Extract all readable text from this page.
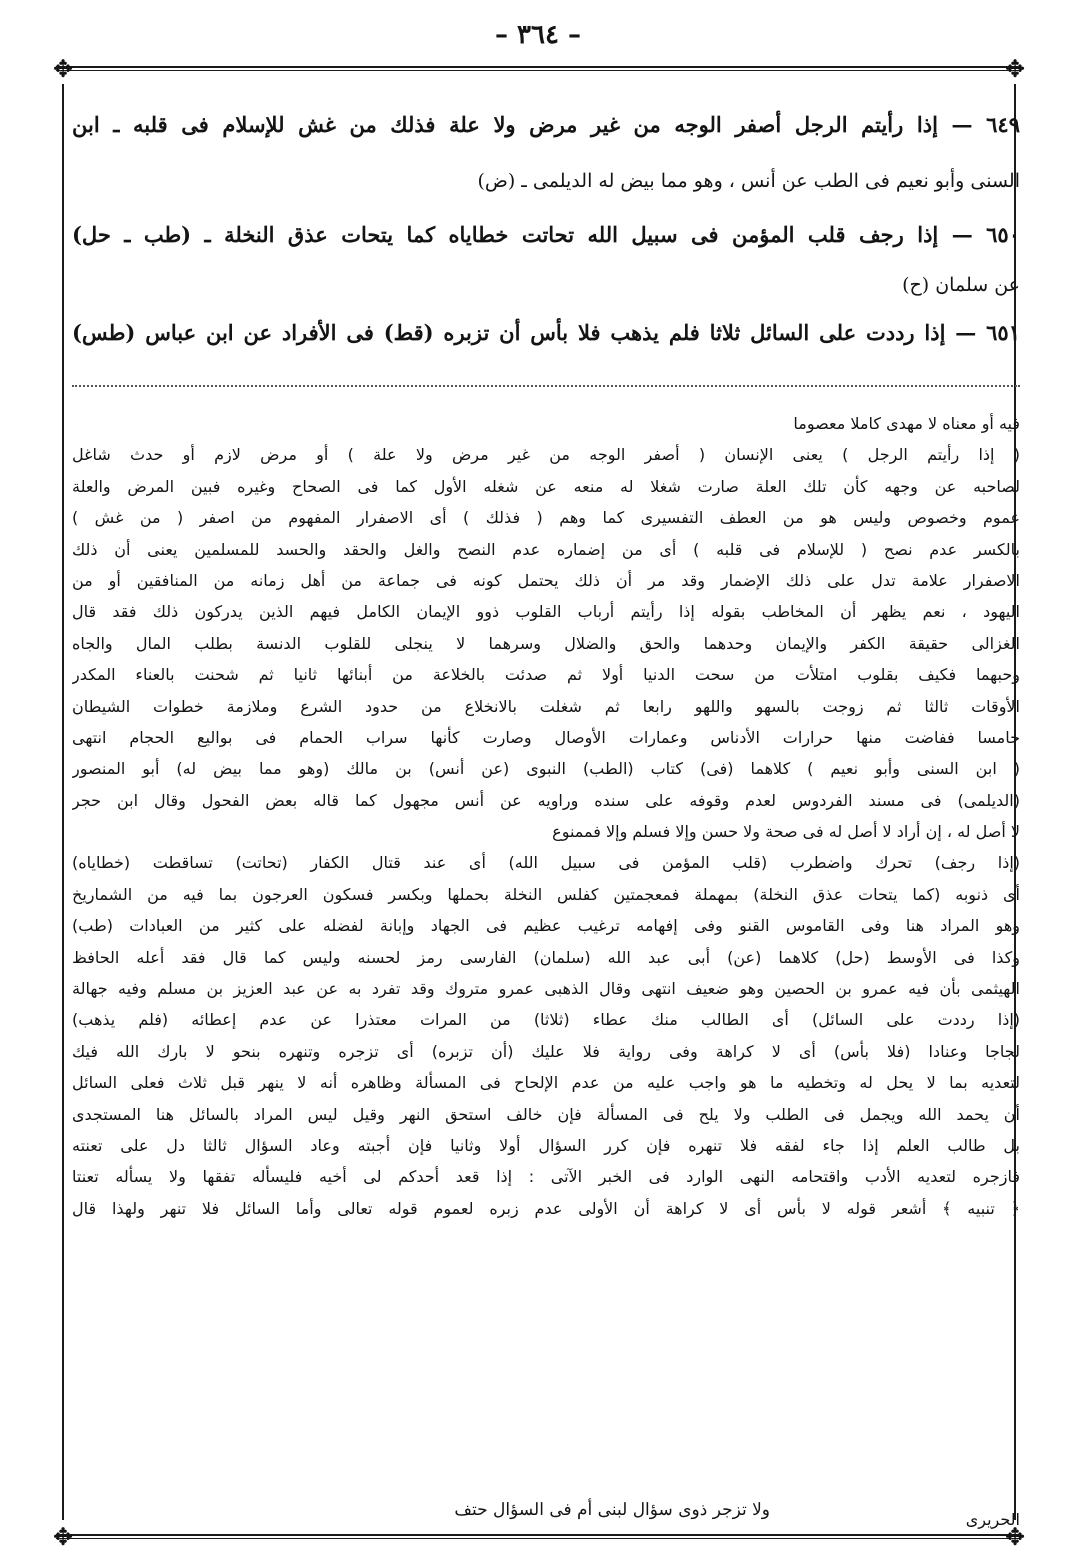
– ٣٦٤ –
✥	✥
✥	✥
٦٤٩ — إذا رأيتم الرجل أصفر الوجه من غير مرض ولا علة فذلك من غش للإسلام فى قلبه ـ ابن
السنى وأبو نعيم فى الطب عن أنس ، وهو مما بيض له الديلمى ـ (ض)
٦٥٠ — إذا رجف قلب المؤمن فى سبيل الله تحاتت خطاياه كما يتحات عذق النخلة ـ (طب ـ حل)
عن سلمان (ح)
٦٥١ — إذا رددت على السائل ثلاثا فلم يذهب فلا بأس أن تزبره (قط) فى الأفراد عن ابن عباس (طس)
فيه أو معناه لا مهدى كاملا معصوما
( إذا رأيتم الرجل ) يعنى الإنسان ( أصفر الوجه من غير مرض ولا علة ) أو مرض لازم أو حدث شاغل
لصاحبه عن وجهه كأن تلك العلة صارت شغلا له منعه عن شغله الأول كما فى الصحاح وغيره فبين المرض والعلة
عموم وخصوص وليس هو من العطف التفسيرى كما وهم ( فذلك ) أى الاصفرار المفهوم من اصفر ( من غش )
بالكسر عدم نصح ( للإسلام فى قلبه ) أى من إضماره عدم النصح والغل والحقد والحسد للمسلمين يعنى أن ذلك
الاصفرار علامة تدل على ذلك الإضمار وقد مر أن ذلك يحتمل كونه فى جماعة من أهل زمانه من المنافقين أو من
اليهود ، نعم يظهر أن المخاطب بقوله إذا رأيتم أرباب القلوب ذوو الإيمان الكامل فيهم الذين يدركون ذلك فقد قال
الغزالى حقيقة الكفر والإيمان وحدهما والحق والضلال وسرهما لا ينجلى للقلوب الدنسة بطلب المال والجاه
وحبهما فكيف بقلوب امتلأت من سحت الدنيا أولا ثم صدئت بالخلاعة من أبنائها ثانيا ثم شحنت بالعناء المكدر
الأوقات ثالثا ثم زوجت بالسهو واللهو رابعا ثم شغلت بالانخلاع من حدود الشرع وملازمة خطوات الشيطان
خامسا ففاضت منها حرارات الأدناس وعمارات الأوصال وصارت كأنها سراب الحمام فى بواليع الحجام انتهى
( ابن السنى وأبو نعيم ) كلاهما (فى) كتاب (الطب) النبوى (عن أنس) بن مالك (وهو مما بيض له) أبو المنصور
(الديلمى) فى مسند الفردوس لعدم وقوفه على سنده وراويه عن أنس مجهول كما قاله بعض الفحول وقال ابن حجر
لا أصل له ، إن أراد لا أصل له فى صحة ولا حسن وإلا فسلم وإلا فممنوع
(إذا رجف) تحرك واضطرب (قلب المؤمن فى سبيل الله) أى عند قتال الكفار (تحاتت) تساقطت (خطاياه)
أى ذنوبه (كما يتحات عذق النخلة) بمهملة فمعجمتين كفلس النخلة بحملها وبكسر فسكون العرجون بما فيه من الشماريخ
وهو المراد هنا وفى القاموس القنو وفى إفهامه ترغيب عظيم فى الجهاد وإبانة لفضله على كثير من العبادات (طب)
وكذا فى الأوسط (حل) كلاهما (عن) أبى عبد الله (سلمان) الفارسى رمز لحسنه وليس كما قال فقد أعله الحافظ
الهيثمى بأن فيه عمرو بن الحصين وهو ضعيف انتهى وقال الذهبى عمرو متروك وقد تفرد به عن عبد العزيز بن مسلم وفيه جهالة
(إذا رددت على السائل) أى الطالب منك عطاء (ثلاثا) من المرات معتذرا عن عدم إعطائه (فلم يذهب)
لجاجا وعنادا (فلا بأس) أى لا كراهة وفى رواية فلا عليك (أن تزبره) أى تزجره وتنهره بنحو لا بارك الله فيك
لتعديه بما لا يحل له وتخطيه ما هو واجب عليه من عدم الإلحاح فى المسألة وظاهره أنه لا ينهر قبل ثلاث فعلى السائل
أن يحمد الله ويجمل فى الطلب ولا يلح فى المسألة فإن خالف استحق النهر وقيل ليس المراد بالسائل هنا المستجدى
بل طالب العلم إذا جاء لفقه فلا تنهره فإن كرر السؤال أولا وثانيا فإن أجبته وعاد السؤال ثالثا دل على تعنته
فازجره لتعديه الأدب واقتحامه النهى الوارد فى الخبر الآتى : إذا قعد أحدكم لى أخيه فليسأله تفقها ولا يسأله تعنتا
﴿ تنبيه ﴾ أشعر قوله لا بأس أى لا كراهة أن الأولى عدم زبره لعموم قوله تعالى وأما السائل فلا تنهر ولهذا قال
الحريرى
ولا تزجر ذوى سؤال لبنى أم فى السؤال حتف
